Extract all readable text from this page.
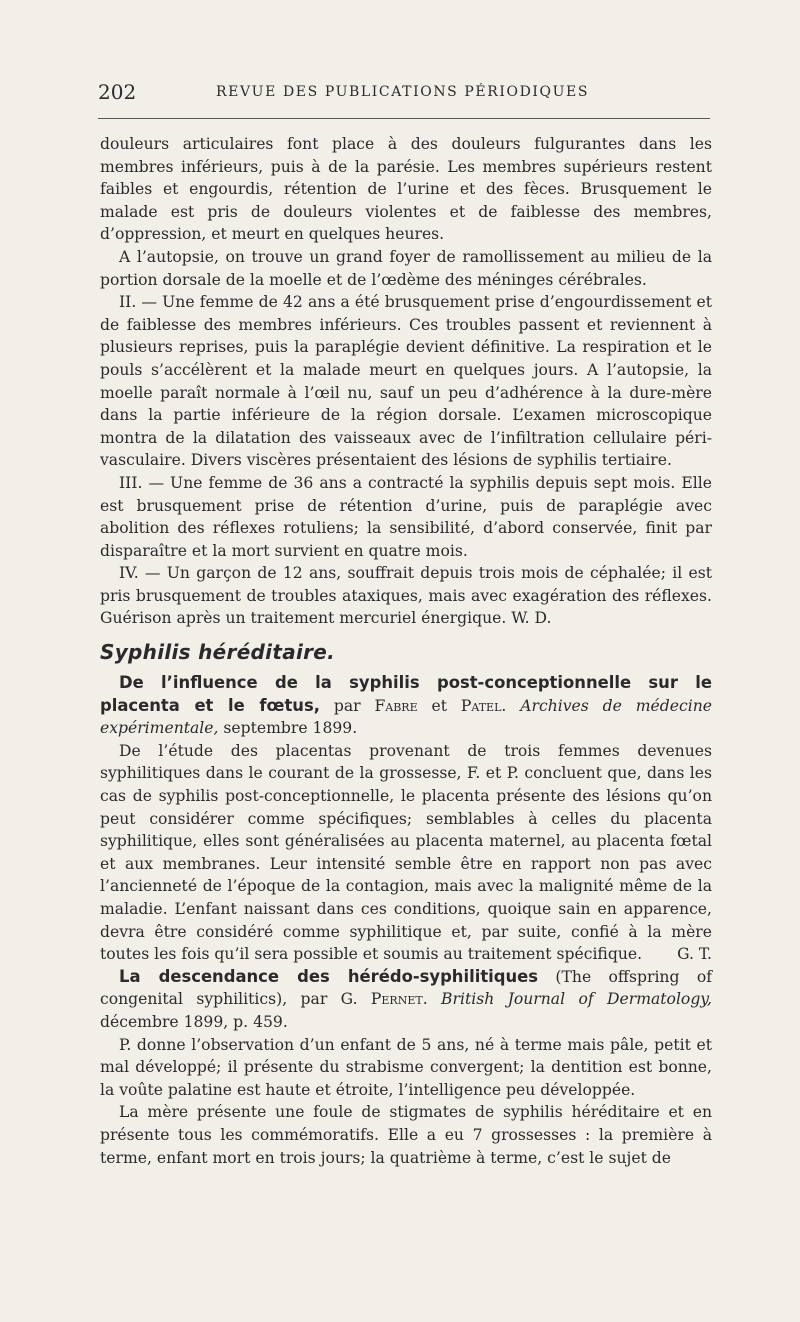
202	REVUE DES PUBLICATIONS PÉRIODIQUES

douleurs articulaires font place à des douleurs fulgurantes dans les membres inférieurs, puis à de la parésie. Les membres supérieurs restent faibles et engourdis, rétention de l’urine et des fèces. Brusquement le malade est pris de douleurs violentes et de faiblesse des membres, d’oppression, et meurt en quelques heures.

A l’autopsie, on trouve un grand foyer de ramollissement au milieu de la portion dorsale de la moelle et de l’œdème des méninges cérébrales.

II. — Une femme de 42 ans a été brusquement prise d’engourdissement et de faiblesse des membres inférieurs. Ces troubles passent et reviennent à plusieurs reprises, puis la paraplégie devient définitive. La respiration et le pouls s’accélèrent et la malade meurt en quelques jours. A l’autopsie, la moelle paraît normale à l’œil nu, sauf un peu d’adhérence à la dure-mère dans la partie inférieure de la région dorsale. L’examen microscopique montra de la dilatation des vaisseaux avec de l’infiltration cellulaire péri-vasculaire. Divers viscères présentaient des lésions de syphilis tertiaire.

III. — Une femme de 36 ans a contracté la syphilis depuis sept mois. Elle est brusquement prise de rétention d’urine, puis de paraplégie avec abolition des réflexes rotuliens; la sensibilité, d’abord conservée, finit par disparaître et la mort survient en quatre mois.

IV. — Un garçon de 12 ans, souffrait depuis trois mois de céphalée; il est pris brusquement de troubles ataxiques, mais avec exagération des réflexes. Guérison après un traitement mercuriel énergique. W. D.

Syphilis héréditaire.

De l’influence de la syphilis post-conceptionnelle sur le placenta et le fœtus, par Fabre et Patel. Archives de médecine expérimentale, septembre 1899.

De l’étude des placentas provenant de trois femmes devenues syphilitiques dans le courant de la grossesse, F. et P. concluent que, dans les cas de syphilis post-conceptionnelle, le placenta présente des lésions qu’on peut considérer comme spécifiques; semblables à celles du placenta syphilitique, elles sont généralisées au placenta maternel, au placenta fœtal et aux membranes. Leur intensité semble être en rapport non pas avec l’ancienneté de l’époque de la contagion, mais avec la malignité même de la maladie. L’enfant naissant dans ces conditions, quoique sain en apparence, devra être considéré comme syphilitique et, par suite, confié à la mère toutes les fois qu’il sera possible et soumis au traitement spécifique.	G. T.

La descendance des hérédo-syphilitiques (The offspring of congenital syphilitics), par G. Pernet. British Journal of Dermatology, décembre 1899, p. 459.

P. donne l’observation d’un enfant de 5 ans, né à terme mais pâle, petit et mal développé; il présente du strabisme convergent; la dentition est bonne, la voûte palatine est haute et étroite, l’intelligence peu développée.

La mère présente une foule de stigmates de syphilis héréditaire et en présente tous les commémoratifs. Elle a eu 7 grossesses : la première à terme, enfant mort en trois jours; la quatrième à terme, c’est le sujet de
